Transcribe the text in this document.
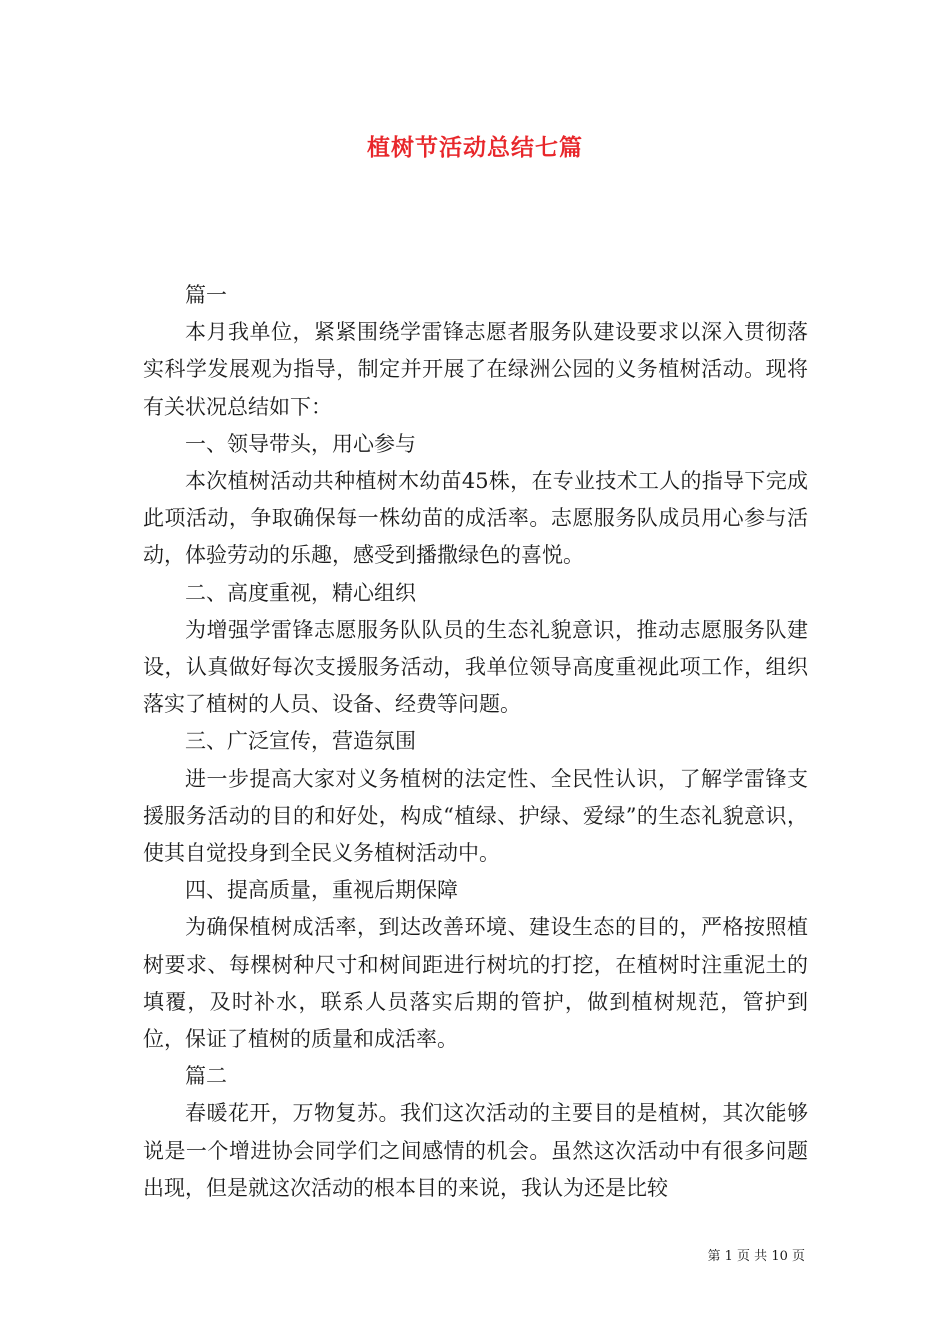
植树节活动总结七篇

篇一

本月我单位，紧紧围绕学雷锋志愿者服务队建设要求以深入贯彻落实科学发展观为指导，制定并开展了在绿洲公园的义务植树活动。现将有关状况总结如下：

一、领导带头，用心参与

本次植树活动共种植树木幼苗45株，在专业技术工人的指导下完成此项活动，争取确保每一株幼苗的成活率。志愿服务队成员用心参与活动，体验劳动的乐趣，感受到播撒绿色的喜悦。

二、高度重视，精心组织

为增强学雷锋志愿服务队队员的生态礼貌意识，推动志愿服务队建设，认真做好每次支援服务活动，我单位领导高度重视此项工作，组织落实了植树的人员、设备、经费等问题。

三、广泛宣传，营造氛围

进一步提高大家对义务植树的法定性、全民性认识，了解学雷锋支援服务活动的目的和好处，构成“植绿、护绿、爱绿”的生态礼貌意识，使其自觉投身到全民义务植树活动中。

四、提高质量，重视后期保障

为确保植树成活率，到达改善环境、建设生态的目的，严格按照植树要求、每棵树种尺寸和树间距进行树坑的打挖，在植树时注重泥土的填覆，及时补水，联系人员落实后期的管护，做到植树规范，管护到位，保证了植树的质量和成活率。

篇二

春暖花开，万物复苏。我们这次活动的主要目的是植树，其次能够说是一个增进协会同学们之间感情的机会。虽然这次活动中有很多问题出现，但是就这次活动的根本目的来说，我认为还是比较

第 1 页 共 10 页
